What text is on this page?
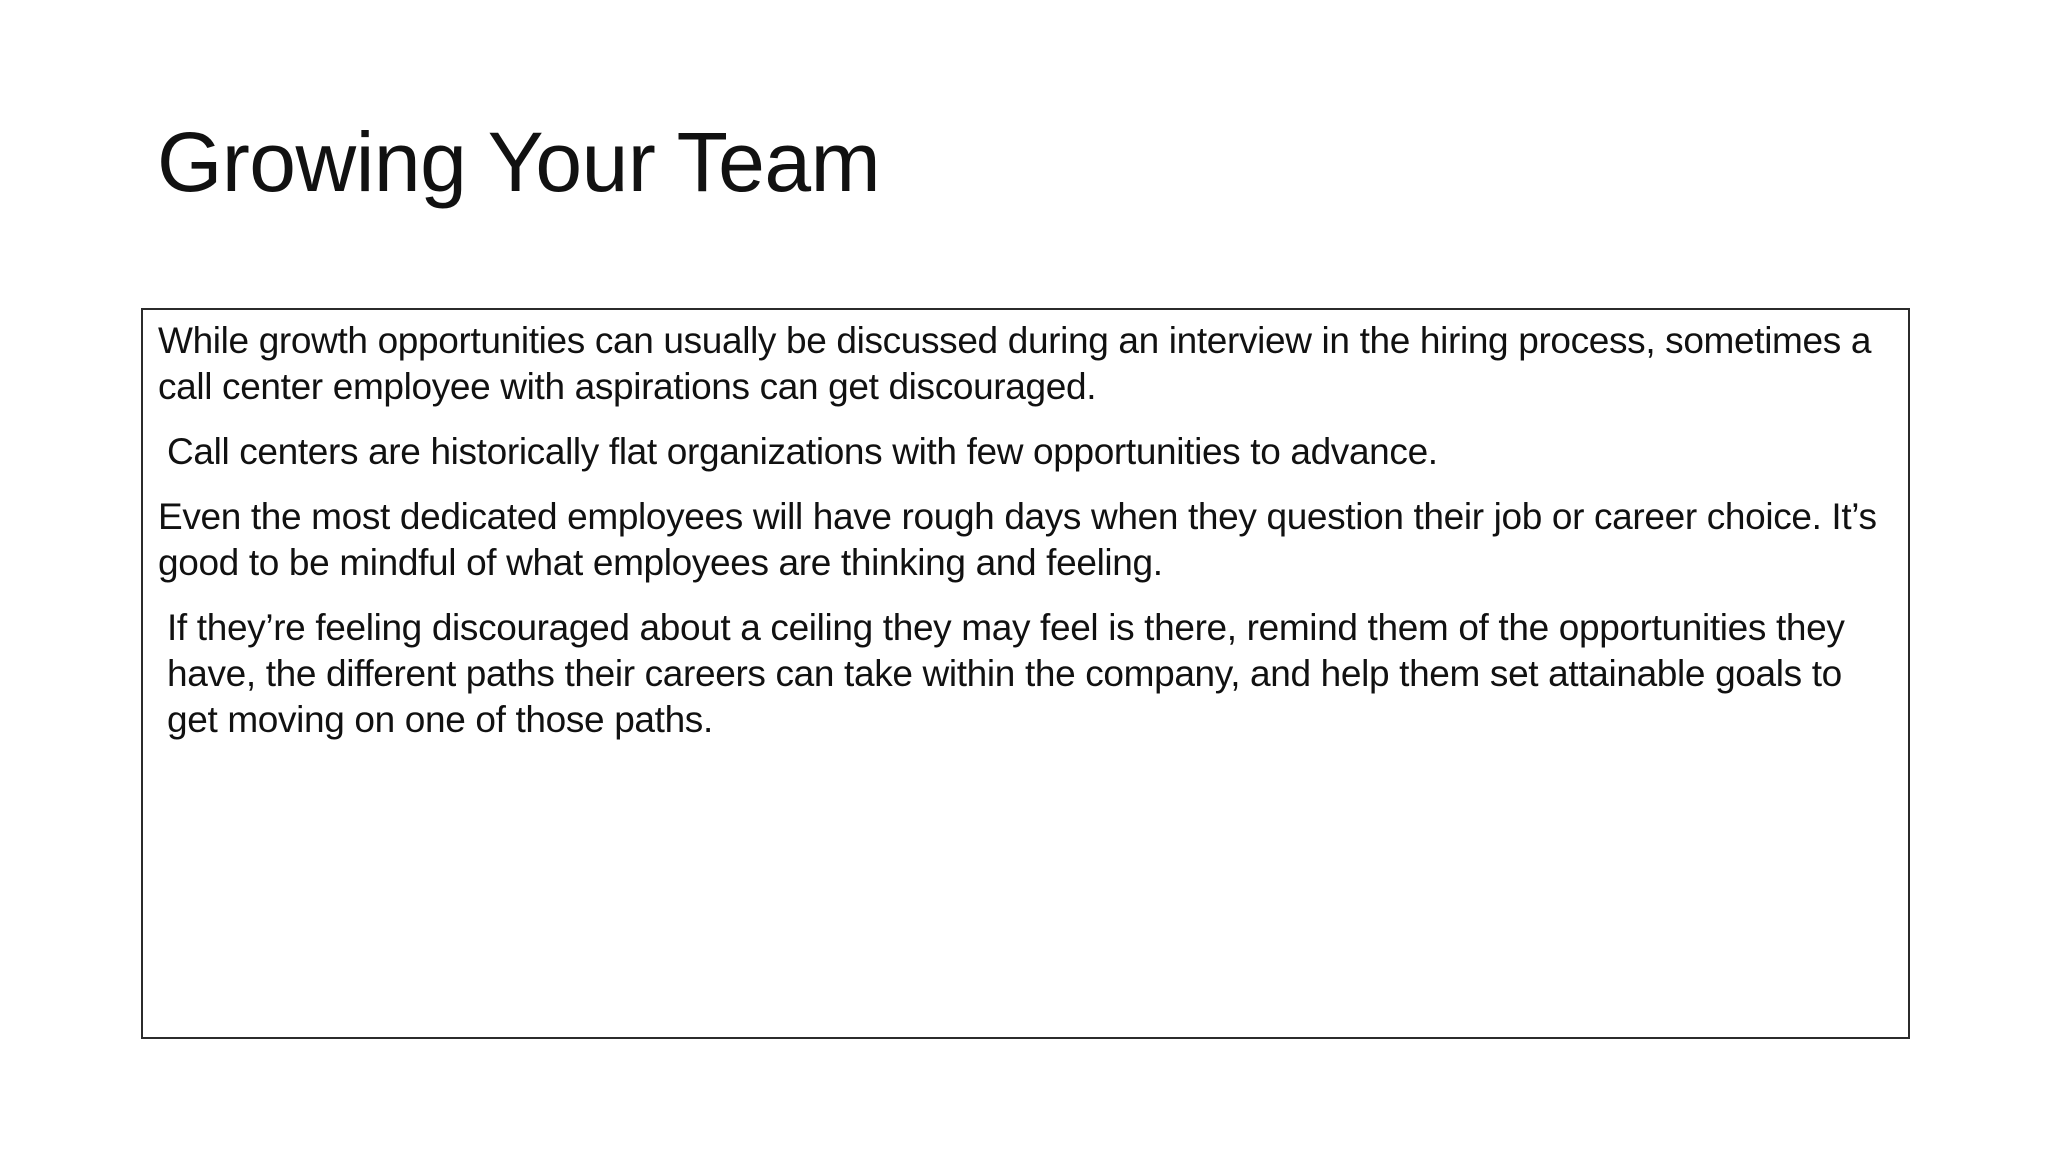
Growing Your Team

While growth opportunities can usually be discussed during an interview in the hiring process, sometimes a call center employee with aspirations can get discouraged.

Call centers are historically flat organizations with few opportunities to advance.

Even the most dedicated employees will have rough days when they question their job or career choice. It’s good to be mindful of what employees are thinking and feeling.

If they’re feeling discouraged about a ceiling they may feel is there, remind them of the opportunities they have, the different paths their careers can take within the company, and help them set attainable goals to get moving on one of those paths.
